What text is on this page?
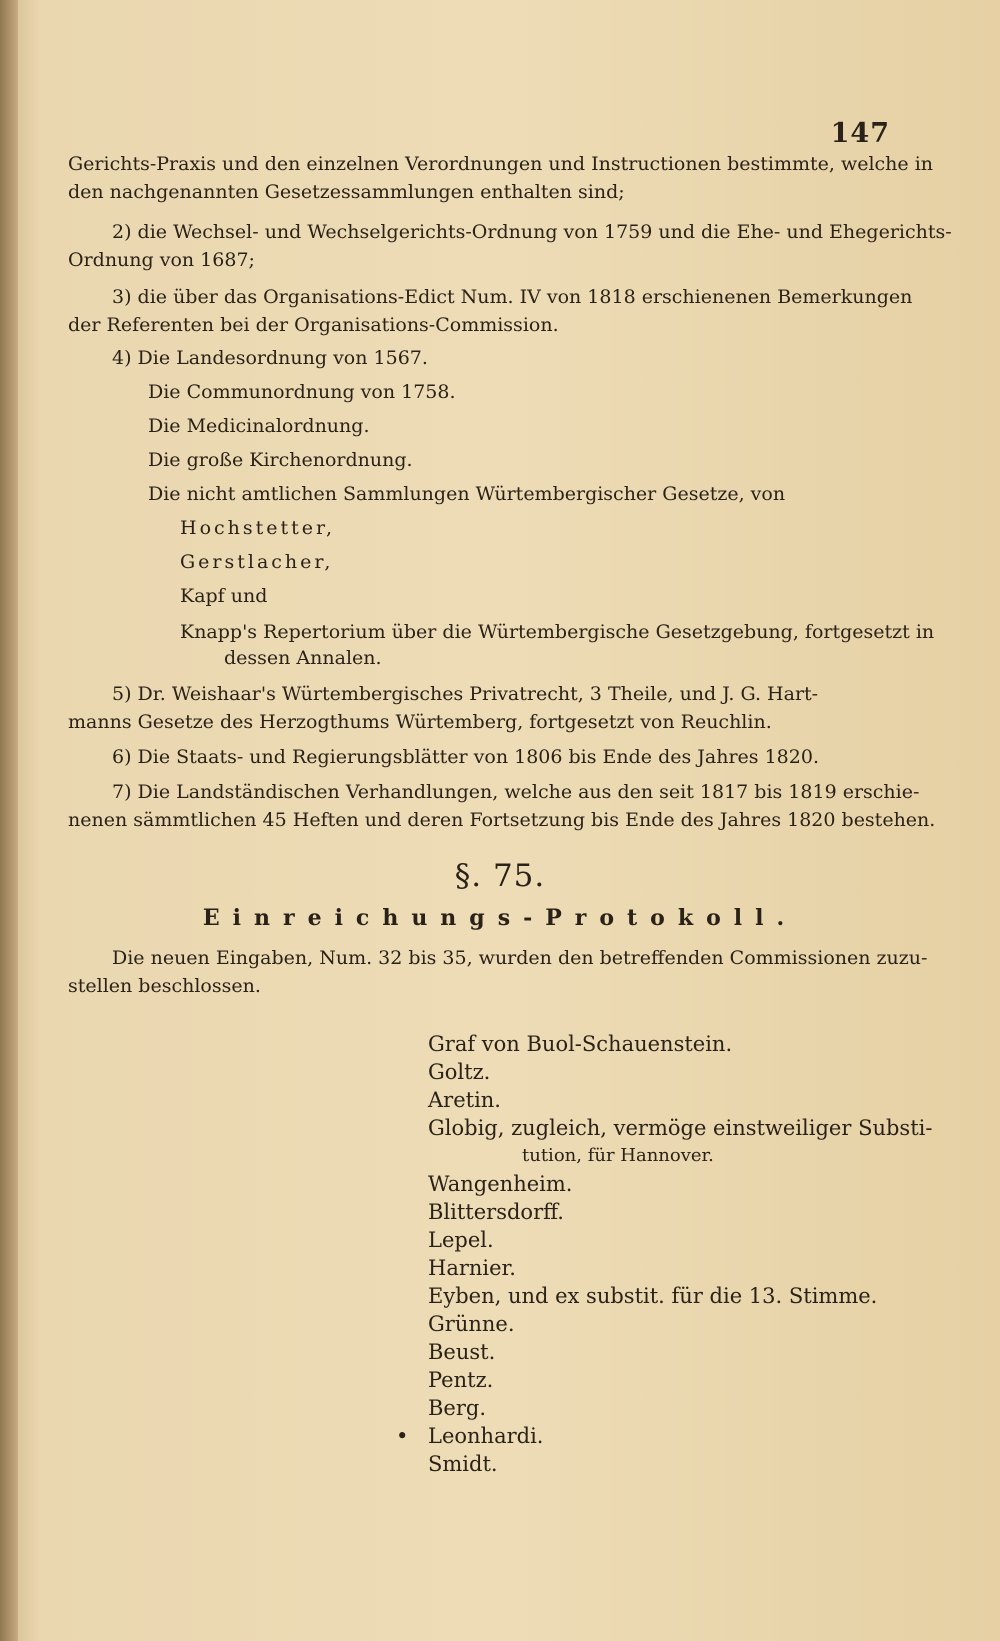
147

Gerichts-Praxis und den einzelnen Verordnungen und Instructionen bestimmte, welche in

den nachgenannten Gesetzessammlungen enthalten sind;

2) die Wechsel- und Wechselgerichts-Ordnung von 1759 und die Ehe- und Ehegerichts-

Ordnung von 1687;

3) die über das Organisations-Edict Num. IV von 1818 erschienenen Bemerkungen

der Referenten bei der Organisations-Commission.

4) Die Landesordnung von 1567.

Die Communordnung von 1758.

Die Medicinalordnung.

Die große Kirchenordnung.

Die nicht amtlichen Sammlungen Würtembergischer Gesetze, von

Hochstetter,

Gerstlacher,

Kapf und

Knapp's Repertorium über die Würtembergische Gesetzgebung, fortgesetzt in

dessen Annalen.

5) Dr. Weishaar's Würtembergisches Privatrecht, 3 Theile, und J. G. Hart-

manns Gesetze des Herzogthums Würtemberg, fortgesetzt von Reuchlin.

6) Die Staats- und Regierungsblätter von 1806 bis Ende des Jahres 1820.

7) Die Landständischen Verhandlungen, welche aus den seit 1817 bis 1819 erschie-

nenen sämmtlichen 45 Heften und deren Fortsetzung bis Ende des Jahres 1820 bestehen.

§. 75.
Einreichungs-Protokoll.

Die neuen Eingaben, Num. 32 bis 35, wurden den betreffenden Commissionen zuzu-

stellen beschlossen.

Graf von Buol-Schauenstein.
Goltz.
Aretin.
Globig, zugleich, vermöge einstweiliger Substi-
tution, für Hannover.
Wangenheim.
Blittersdorff.
Lepel.
Harnier.
Eyben, und ex substit. für die 13. Stimme.
Grünne.
Beust.
Pentz.
Berg.
• Leonhardi.
Smidt.
